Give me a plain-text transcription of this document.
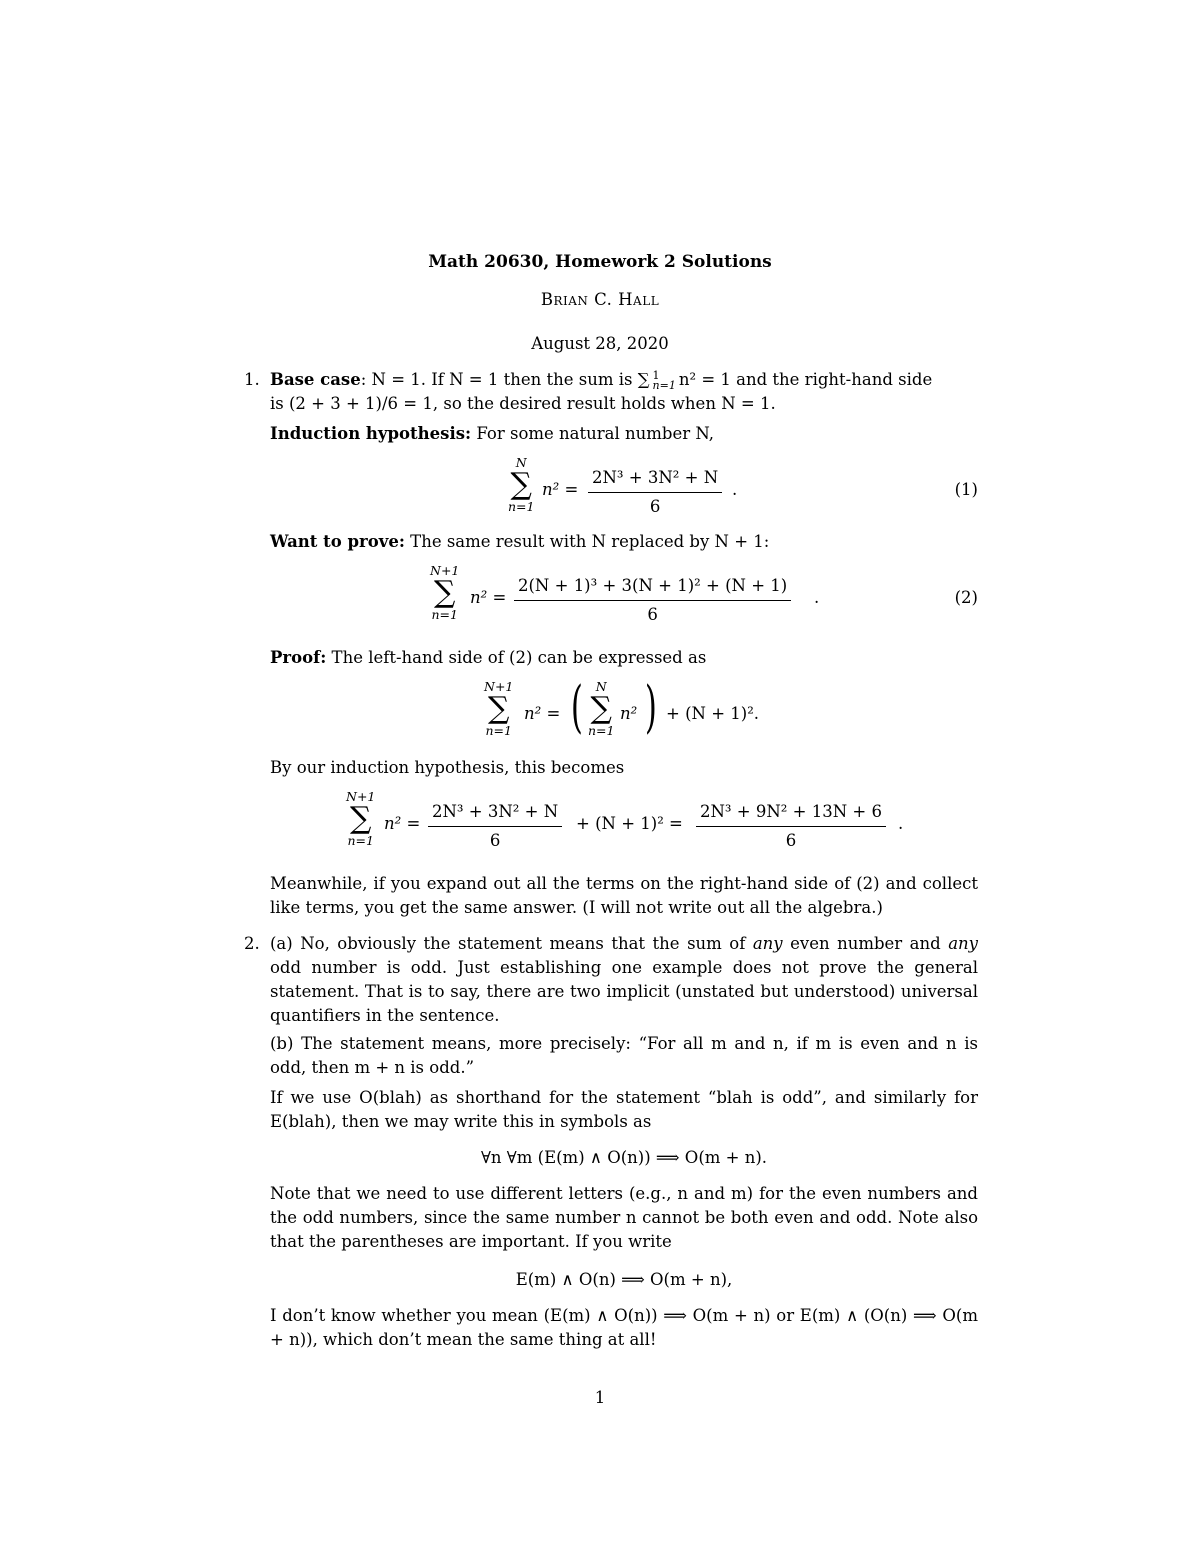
Math 20630, Homework 2 Solutions
Brian C. Hall
August 28, 2020
1. Base case: N = 1. If N = 1 then the sum is ∑ 1
n=1 n² = 1 and the right-hand side
is (2 + 3 + 1)/6 = 1, so the desired result holds when N = 1.
Induction hypothesis: For some natural number N,
N
∑
n=1
$n^2 = \frac{\text{2N³ + 3N² + N}}{6}$ .	(1)
Want to prove: The same result with N replaced by N + 1:
N+1
∑
n=1
$n^2 = \frac{\text{2(N + 1)³ + 3(N + 1)² + (N + 1)}}{6}$ .	(2)
Proof: The left-hand side of (2) can be expressed as
N+1
∑
n=1
n² = (	N
∑
n=1
n² ) + (N + 1)².
By our induction hypothesis, this becomes
N+1
∑
n=1
$n^2 = \frac{\text{2N³ + 3N² + N}}{6} + (N + 1)^2 = \frac{\text{2N³ + 9N² + 13N + 6}}{6}$ .
Meanwhile, if you expand out all the terms on the right-hand side of (2) and collect like terms, you get the same answer. (I will not write out all the algebra.)
2. (a) No, obviously the statement means that the sum of any even number and any odd number is odd. Just establishing one example does not prove the general statement. That is to say, there are two implicit (unstated but understood) universal quantifiers in the sentence.
(b) The statement means, more precisely: “For all m and n, if m is even and n is odd, then m + n is odd.”
If we use O(blah) as shorthand for the statement “blah is odd”, and similarly for E(blah), then we may write this in symbols as
∀n ∀m (E(m) ∧ O(n)) ⟹ O(m + n).
Note that we need to use different letters (e.g., n and m) for the even numbers and the odd numbers, since the same number n cannot be both even and odd. Note also that the parentheses are important. If you write
E(m) ∧ O(n) ⟹ O(m + n),
I don’t know whether you mean (E(m) ∧ O(n)) ⟹ O(m + n) or E(m) ∧ (O(n) ⟹ O(m + n)), which don’t mean the same thing at all!
1
